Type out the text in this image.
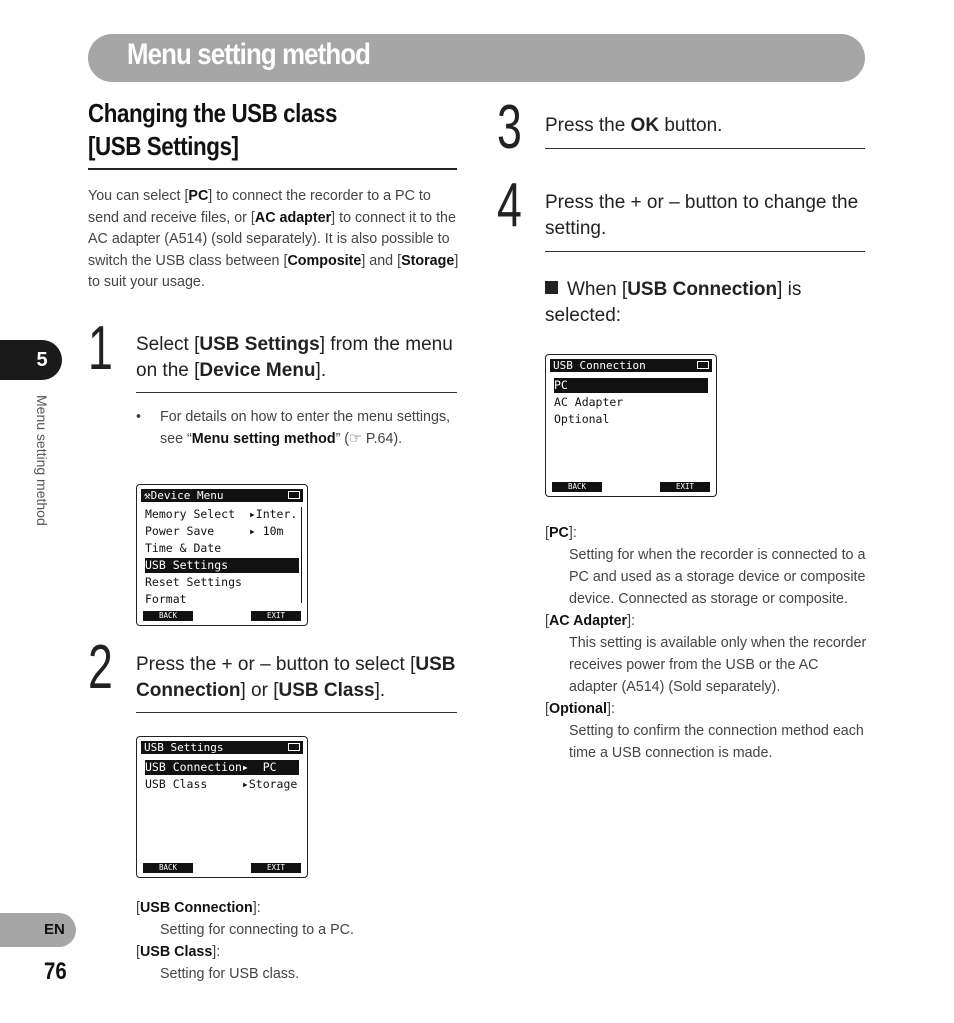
Menu setting method
Changing the USB class
[USB Settings]
You can select [PC] to connect the recorder to a PC to send and receive files, or [AC adapter] to connect it to the AC adapter (A514) (sold separately). It is also possible to switch the USB class between [Composite] and [Storage] to suit your usage.
1 Select [USB Settings] from the menu on the [Device Menu].
• For details on how to enter the menu settings, see “Menu setting method” (☞ P.64).
⚒Device Menu
Memory Select  ▸Inter.
Power Save     ▸ 10m
Time & Date
USB Settings
Reset Settings
Format
BACK	EXIT
2 Press the + or – button to select [USB Connection] or [USB Class].
USB Settings
USB Connection▸  PC
USB Class     ▸Storage
BACK	EXIT
[USB Connection]:
Setting for connecting to a PC.
[USB Class]:
Setting for USB class.
3 Press the OK button.
4 Press the + or – button to change the setting.
When [USB Connection] is selected:
USB Connection
PC
AC Adapter
Optional
BACK	EXIT
[PC]:
Setting for when the recorder is connected to a PC and used as a storage device or composite device. Connected as storage or composite.
[AC Adapter]:
This setting is available only when the recorder receives power from the USB or the AC adapter (A514) (Sold separately).
[Optional]:
Setting to confirm the connection method each time a USB connection is made.
5
Menu setting method
EN
76
